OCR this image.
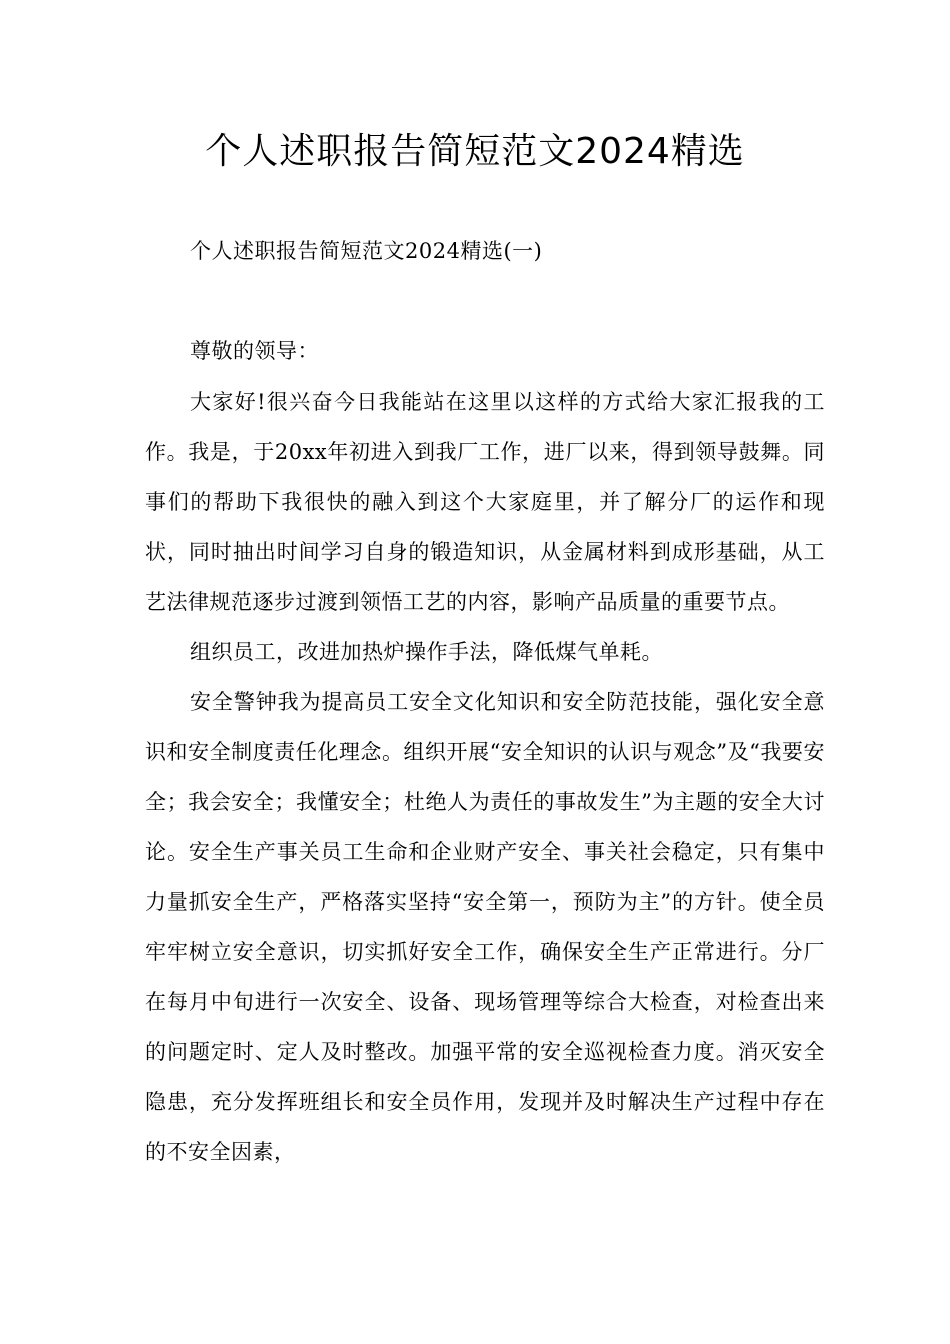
个人述职报告简短范文2024精选

个人述职报告简短范文2024精选(一)

尊敬的领导：

大家好!很兴奋今日我能站在这里以这样的方式给大家汇报我的工作。我是，于20xx年初进入到我厂工作，进厂以来，得到领导鼓舞。同事们的帮助下我很快的融入到这个大家庭里，并了解分厂的运作和现状，同时抽出时间学习自身的锻造知识，从金属材料到成形基础，从工艺法律规范逐步过渡到领悟工艺的内容，影响产品质量的重要节点。

组织员工，改进加热炉操作手法，降低煤气单耗。

安全警钟我为提高员工安全文化知识和安全防范技能，强化安全意识和安全制度责任化理念。组织开展“安全知识的认识与观念”及“我要安全；我会安全；我懂安全；杜绝人为责任的事故发生”为主题的安全大讨论。安全生产事关员工生命和企业财产安全、事关社会稳定，只有集中力量抓安全生产，严格落实坚持“安全第一，预防为主”的方针。使全员牢牢树立安全意识，切实抓好安全工作，确保安全生产正常进行。分厂在每月中旬进行一次安全、设备、现场管理等综合大检查，对检查出来的问题定时、定人及时整改。加强平常的安全巡视检查力度。消灭安全隐患，充分发挥班组长和安全员作用，发现并及时解决生产过程中存在的不安全因素，
